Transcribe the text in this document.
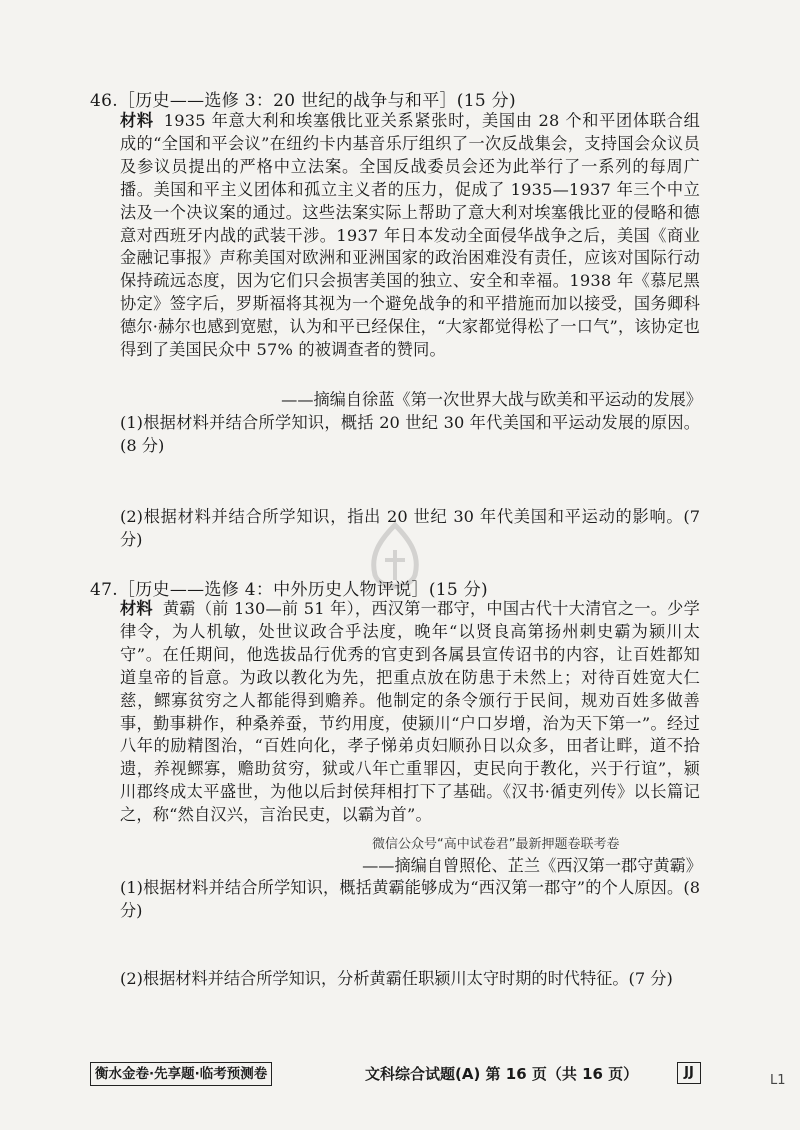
46.［历史——选修 3：20 世纪的战争与和平］(15 分)
材料 1935 年意大利和埃塞俄比亚关系紧张时，美国由 28 个和平团体联合组成的“全国和平会议”在纽约卡内基音乐厅组织了一次反战集会，支持国会众议员及参议员提出的严格中立法案。全国反战委员会还为此举行了一系列的每周广播。美国和平主义团体和孤立主义者的压力，促成了 1935—1937 年三个中立法及一个决议案的通过。这些法案实际上帮助了意大利对埃塞俄比亚的侵略和德意对西班牙内战的武装干涉。1937 年日本发动全面侵华战争之后，美国《商业金融记事报》声称美国对欧洲和亚洲国家的政治困难没有责任，应该对国际行动保持疏远态度，因为它们只会损害美国的独立、安全和幸福。1938 年《慕尼黑协定》签字后，罗斯福将其视为一个避免战争的和平措施而加以接受，国务卿科德尔·赫尔也感到宽慰，认为和平已经保住，“大家都觉得松了一口气”，该协定也得到了美国民众中 57% 的被调查者的赞同。
——摘编自徐蓝《第一次世界大战与欧美和平运动的发展》
(1)根据材料并结合所学知识，概括 20 世纪 30 年代美国和平运动发展的原因。(8 分)
(2)根据材料并结合所学知识，指出 20 世纪 30 年代美国和平运动的影响。(7 分)
47.［历史——选修 4：中外历史人物评说］(15 分)
材料 黄霸（前 130—前 51 年），西汉第一郡守，中国古代十大清官之一。少学律令，为人机敏，处世议政合乎法度，晚年“以贤良高第扬州刺史霸为颍川太守”。在任期间，他选拔品行优秀的官吏到各属县宣传诏书的内容，让百姓都知道皇帝的旨意。为政以教化为先，把重点放在防患于未然上；对待百姓宽大仁慈，鳏寡贫穷之人都能得到赡养。他制定的条令颁行于民间，规劝百姓多做善事，勤事耕作，种桑养蚕，节约用度，使颍川“户口岁增，治为天下第一”。经过八年的励精图治，“百姓向化，孝子悌弟贞妇顺孙日以众多，田者让畔，道不拾遗，养视鳏寡，赡助贫穷，狱或八年亡重罪囚，吏民向于教化，兴于行谊”，颍川郡终成太平盛世，为他以后封侯拜相打下了基础。《汉书·循吏列传》以长篇记之，称“然自汉兴，言治民吏，以霸为首”。
微信公众号“高中试卷君”最新押题卷联考卷
——摘编自曾照伦、芷兰《西汉第一郡守黄霸》
(1)根据材料并结合所学知识，概括黄霸能够成为“西汉第一郡守”的个人原因。(8 分)
(2)根据材料并结合所学知识，分析黄霸任职颍川太守时期的时代特征。(7 分)
衡水金卷·先享题·临考预测卷	文科综合试题(A) 第 16 页（共 16 页）	JJ
L1
